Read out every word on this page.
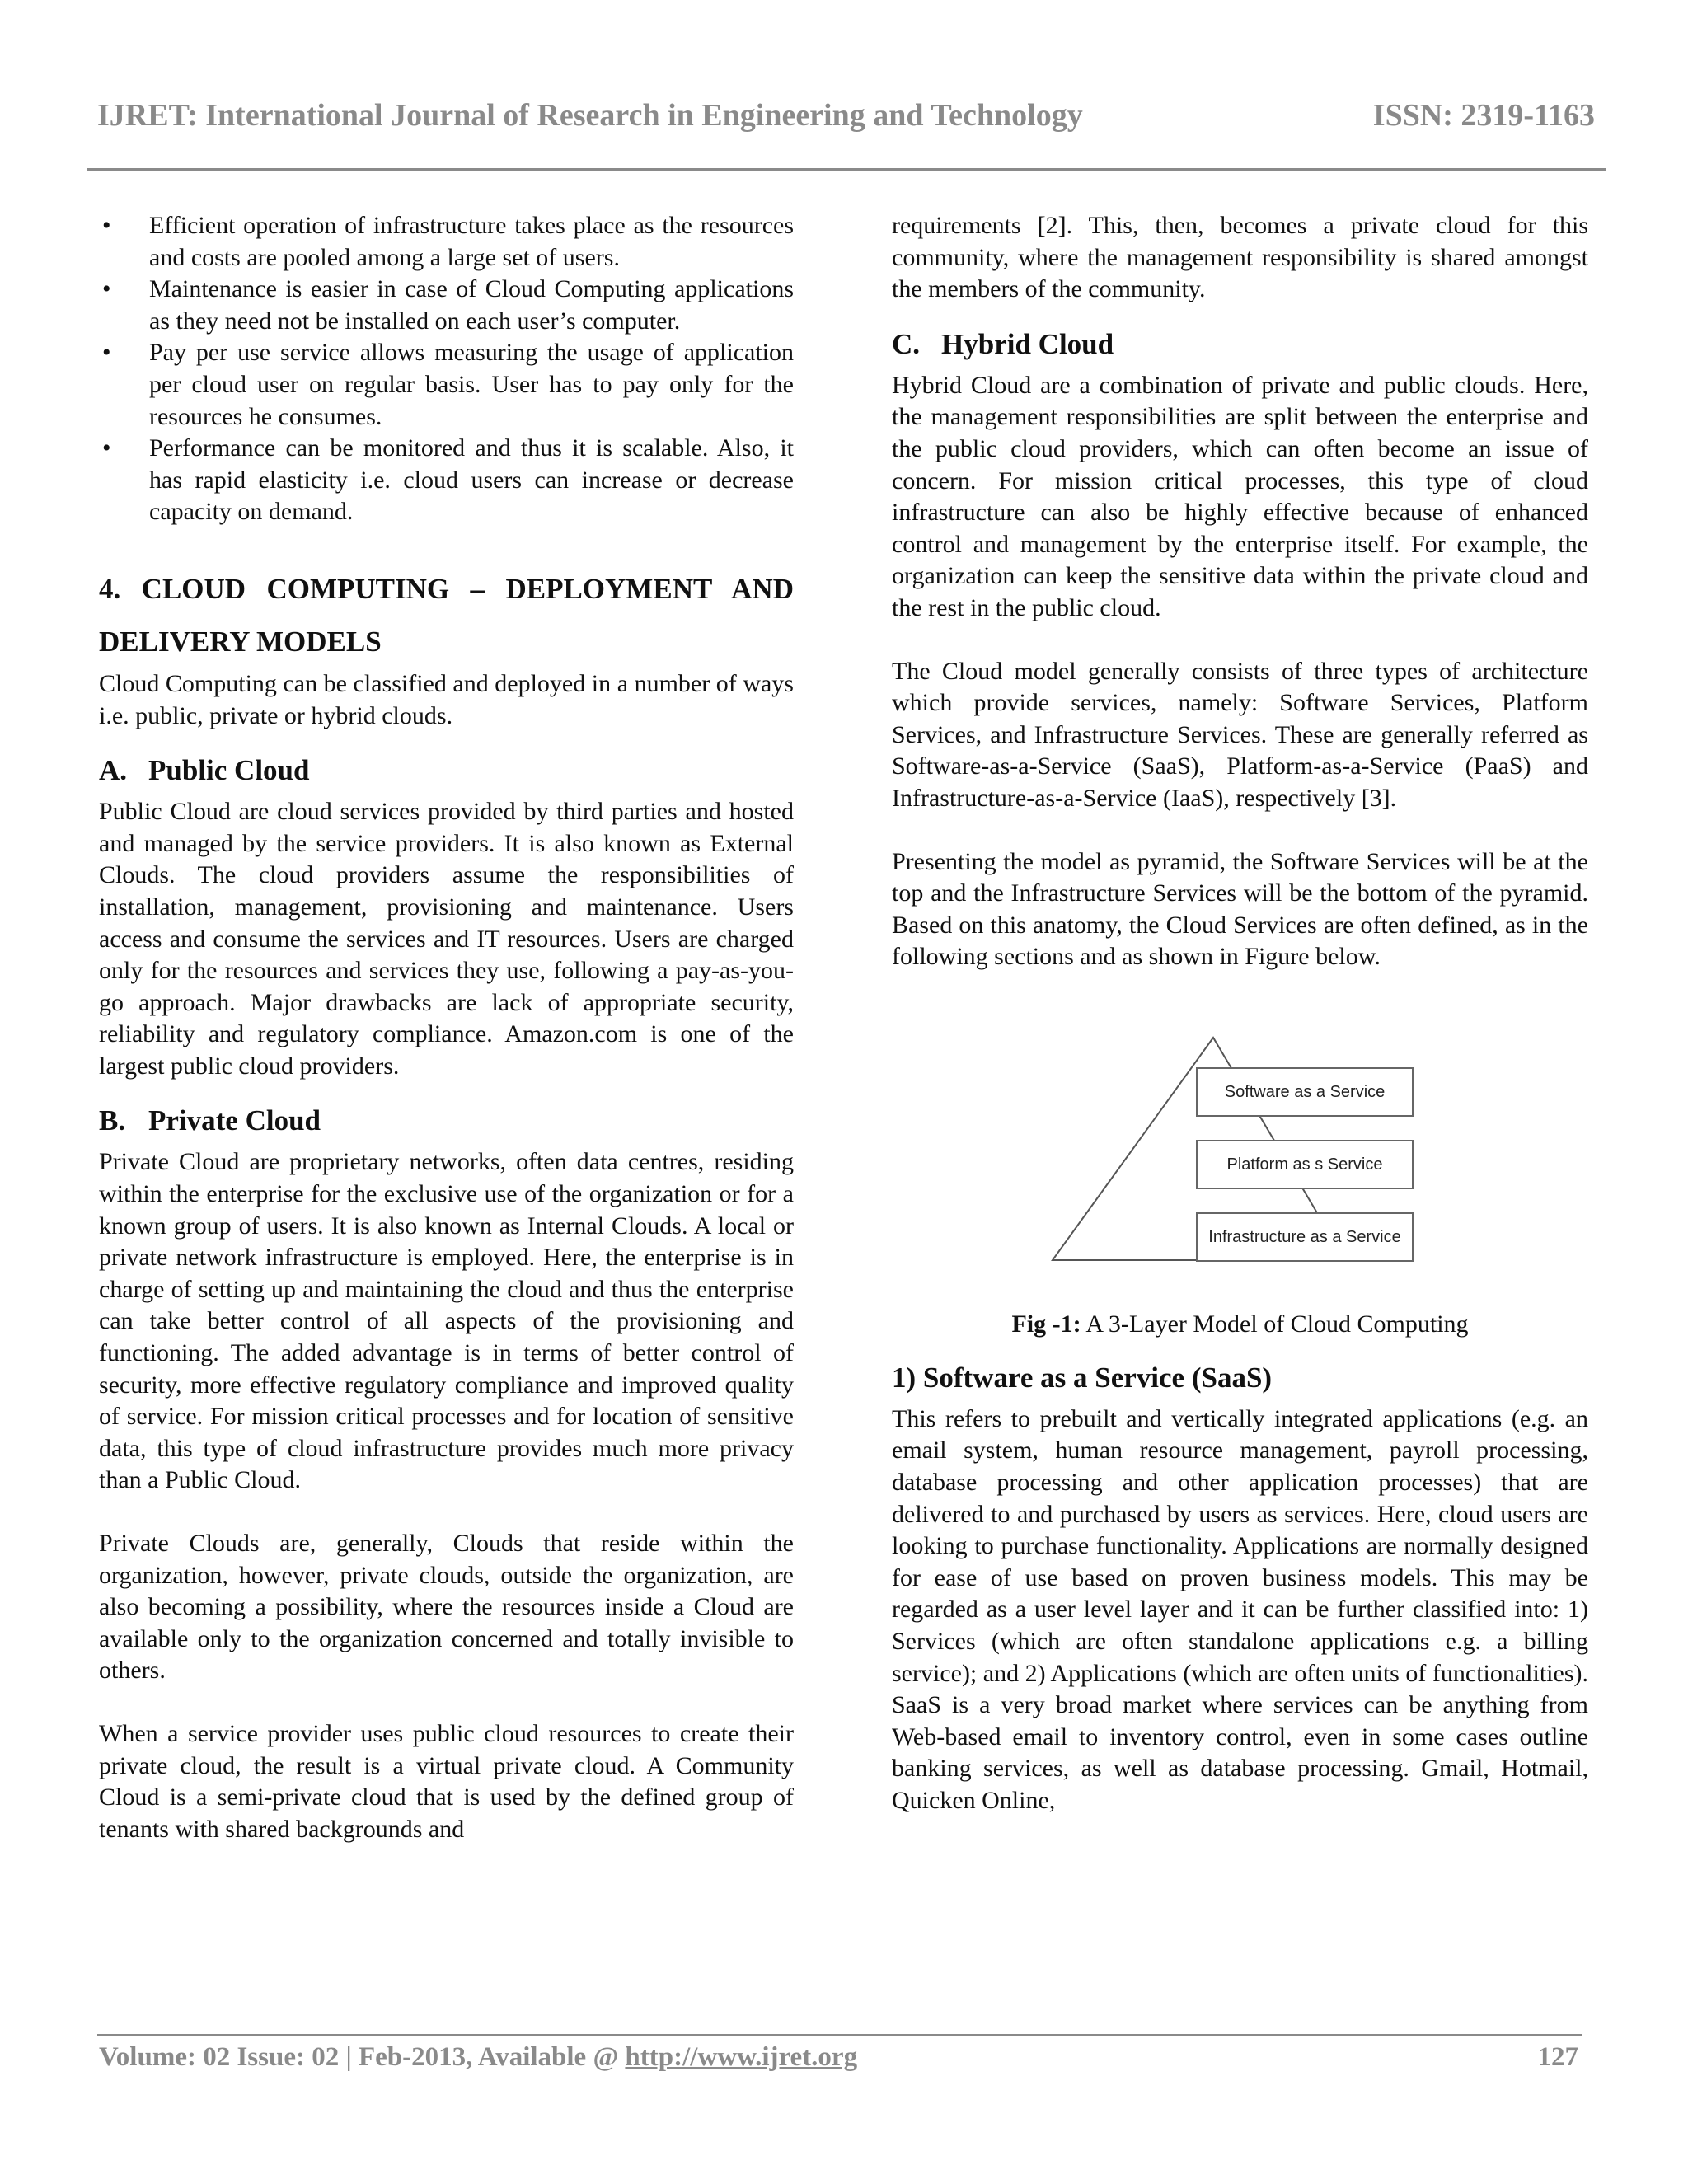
IJRET: International Journal of Research in Engineering and Technology	ISSN: 2319-1163
• Efficient operation of infrastructure takes place as the resources and costs are pooled among a large set of users.
• Maintenance is easier in case of Cloud Computing applications as they need not be installed on each user’s computer.
• Pay per use service allows measuring the usage of application per cloud user on regular basis. User has to pay only for the resources he consumes.
• Performance can be monitored and thus it is scalable. Also, it has rapid elasticity i.e. cloud users can increase or decrease capacity on demand.
4. CLOUD COMPUTING – DEPLOYMENT AND
DELIVERY MODELS

Cloud Computing can be classified and deployed in a number of ways i.e. public, private or hybrid clouds.

A. Public Cloud

Public Cloud are cloud services provided by third parties and hosted and managed by the service providers. It is also known as External Clouds. The cloud providers assume the responsibilities of installation, management, provisioning and maintenance. Users access and consume the services and IT resources. Users are charged only for the resources and services they use, following a pay-as-you-go approach. Major drawbacks are lack of appropriate security, reliability and regulatory compliance. Amazon.com is one of the largest public cloud providers.

B. Private Cloud

Private Cloud are proprietary networks, often data centres, residing within the enterprise for the exclusive use of the organization or for a known group of users. It is also known as Internal Clouds. A local or private network infrastructure is employed. Here, the enterprise is in charge of setting up and maintaining the cloud and thus the enterprise can take better control of all aspects of the provisioning and functioning. The added advantage is in terms of better control of security, more effective regulatory compliance and improved quality of service. For mission critical processes and for location of sensitive data, this type of cloud infrastructure provides much more privacy than a Public Cloud.

Private Clouds are, generally, Clouds that reside within the organization, however, private clouds, outside the organization, are also becoming a possibility, where the resources inside a Cloud are available only to the organization concerned and totally invisible to others.

When a service provider uses public cloud resources to create their private cloud, the result is a virtual private cloud. A Community Cloud is a semi-private cloud that is used by the defined group of tenants with shared backgrounds and

requirements [2]. This, then, becomes a private cloud for this community, where the management responsibility is shared amongst the members of the community.

C. Hybrid Cloud

Hybrid Cloud are a combination of private and public clouds. Here, the management responsibilities are split between the enterprise and the public cloud providers, which can often become an issue of concern. For mission critical processes, this type of cloud infrastructure can also be highly effective because of enhanced control and management by the enterprise itself. For example, the organization can keep the sensitive data within the private cloud and the rest in the public cloud.

The Cloud model generally consists of three types of architecture which provide services, namely: Software Services, Platform Services, and Infrastructure Services. These are generally referred as Software-as-a-Service (SaaS), Platform-as-a-Service (PaaS) and Infrastructure-as-a-Service (IaaS), respectively [3].

Presenting the model as pyramid, the Software Services will be at the top and the Infrastructure Services will be the bottom of the pyramid. Based on this anatomy, the Cloud Services are often defined, as in the following sections and as shown in Figure below.

Software as a Service
Platform as s Service
Infrastructure as a Service

Fig -1: A 3-Layer Model of Cloud Computing

1) Software as a Service (SaaS)

This refers to prebuilt and vertically integrated applications (e.g. an email system, human resource management, payroll processing, database processing and other application processes) that are delivered to and purchased by users as services. Here, cloud users are looking to purchase functionality. Applications are normally designed for ease of use based on proven business models. This may be regarded as a user level layer and it can be further classified into: 1) Services (which are often standalone applications e.g. a billing service); and 2) Applications (which are often units of functionalities). SaaS is a very broad market where services can be anything from Web-based email to inventory control, even in some cases outline banking services, as well as database processing. Gmail, Hotmail, Quicken Online,

Volume: 02 Issue: 02 | Feb-2013, Available @ http://www.ijret.org	127
